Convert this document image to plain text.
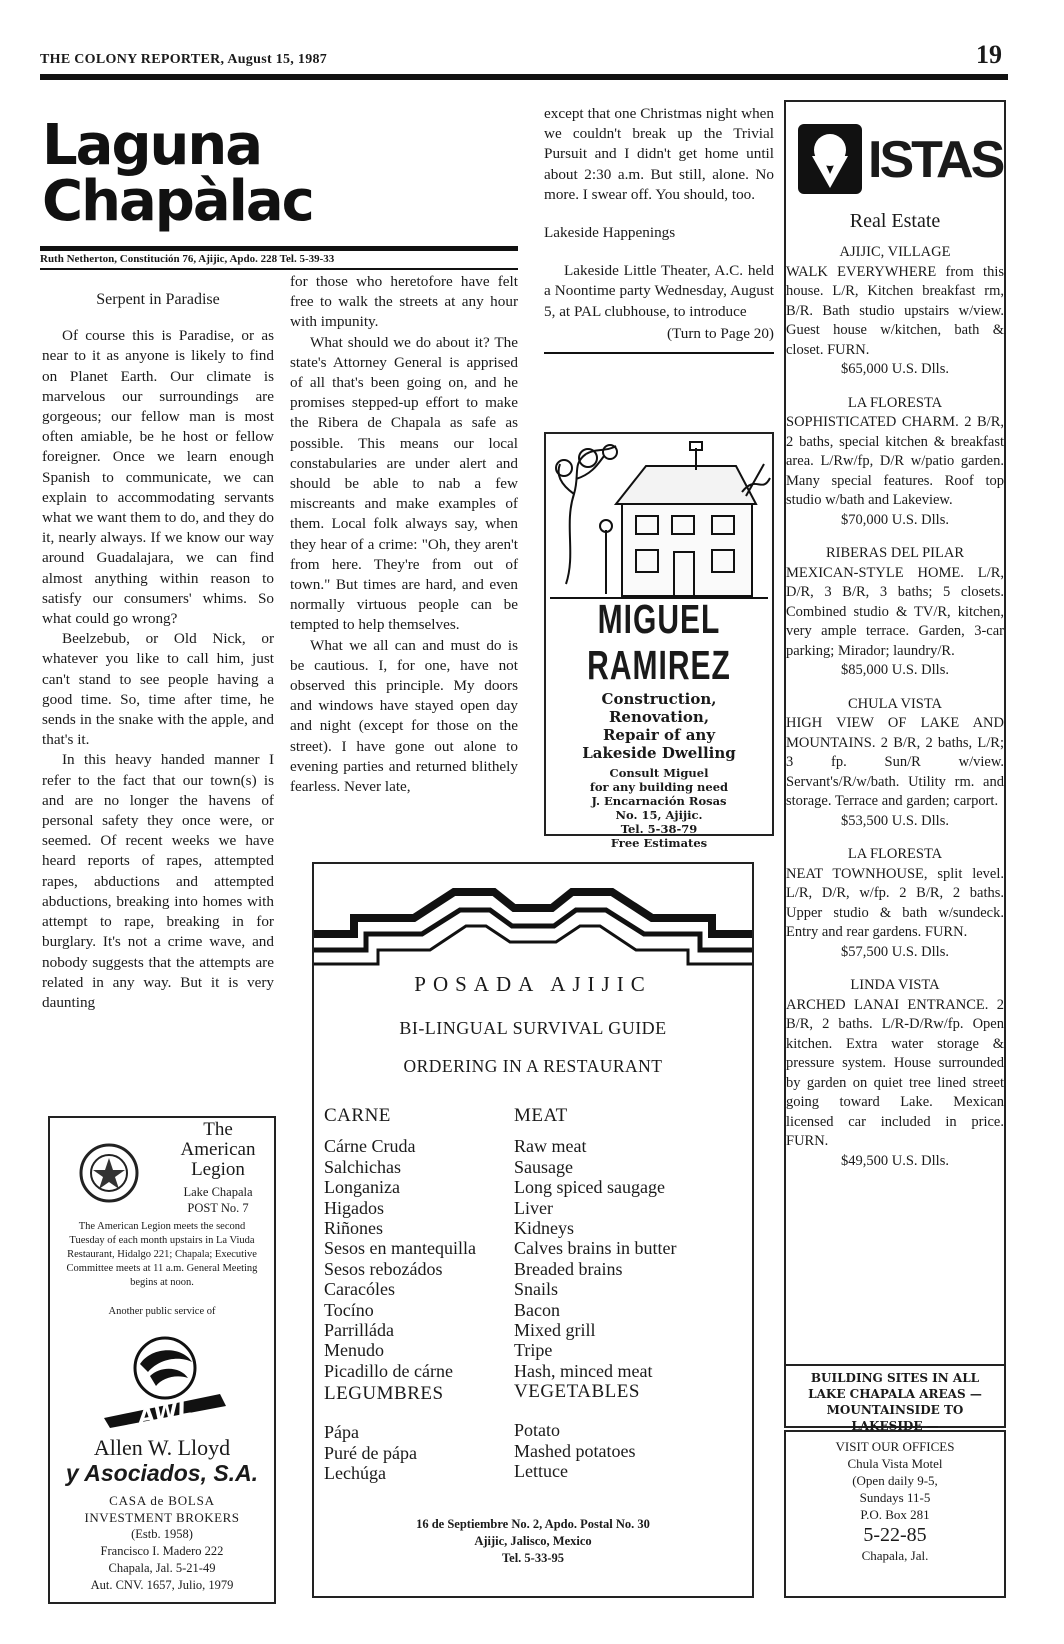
THE COLONY REPORTER, August 15, 1987	19
Laguna
Chapàlac
Ruth Netherton, Constitución 76, Ajijic, Apdo. 228 Tel. 5-39-33
Serpent in Paradise

Of course this is Paradise, or as near to it as anyone is likely to find on Planet Earth. Our climate is marvelous our surroundings are gorgeous; our fellow man is most often amiable, be he host or fellow foreigner. Once we learn enough Spanish to communicate, we can explain to accommodating servants what we want them to do, and they do it, nearly always. If we know our way around Guadalajara, we can find almost anything within reason to satisfy our consumers' whims. So what could go wrong?

Beelzebub, or Old Nick, or whatever you like to call him, just can't stand to see people having a good time. So, time after time, he sends in the snake with the apple, and that's it.

In this heavy handed manner I refer to the fact that our town(s) is and are no longer the havens of personal safety they once were, or seemed. Of recent weeks we have heard reports of rapes, attempted rapes, abductions and attempted abductions, breaking into homes with attempt to rape, breaking in for burglary. It's not a crime wave, and nobody suggests that the attempts are related in any way. But it is very daunting

for those who heretofore have felt free to walk the streets at any hour with impunity.

What should we do about it? The state's Attorney General is apprised of all that's been going on, and he promises stepped-up effort to make the Ribera de Chapala as safe as possible. This means our local constabularies are under alert and should be able to nab a few miscreants and make examples of them. Local folk always say, when they hear of a crime: "Oh, they aren't from here. They're from out of town." But times are hard, and even normally virtuous people can be tempted to help themselves.

What we all can and must do is be cautious. I, for one, have not observed this principle. My doors and windows have stayed open day and night (except for those on the street). I have gone out alone to evening parties and returned blithely fearless. Never late,

except that one Christmas night when we couldn't break up the Trivial Pursuit and I didn't get home until about 2:30 a.m. But still, alone. No more. I swear off. You should, too.

Lakeside Happenings

Lakeside Little Theater, A.C. held a Noontime party Wednesday, August 5, at PAL clubhouse, to introduce

(Turn to Page 20)
MIGUEL RAMIREZ
Construction,
Renovation,
Repair of any
Lakeside Dwelling
Consult Miguel
for any building need
J. Encarnación Rosas
No. 15, Ajijic.
Tel. 5-38-79
Free Estimates
The
American
Legion
Lake Chapala
POST No. 7
The American Legion meets the second Tuesday of each month upstairs in La Viuda Restaurant, Hidalgo 221; Chapala; Executive Committee meets at 11 a.m. General Meeting begins at noon.
Another public service of
AWL
Allen W. Lloyd
y Asociados, S.A.
CASA de BOLSA
INVESTMENT BROKERS
(Estb. 1958)
Francisco I. Madero 222
Chapala, Jal. 5-21-49
Aut. CNV. 1657, Julio, 1979
ISTAS
Real Estate
AJIJIC, VILLAGE
WALK EVERYWHERE from this house. L/R, Kitchen breakfast rm, B/R. Bath studio upstairs w/view. Guest house w/kitchen, bath & closet. FURN.
$65,000 U.S. Dlls.
LA FLORESTA
SOPHISTICATED CHARM. 2 B/R, 2 baths, special kitchen & breakfast area. L/Rw/fp, D/R w/patio garden. Many special features. Roof top studio w/bath and Lakeview.
$70,000 U.S. Dlls.
RIBERAS DEL PILAR
MEXICAN-STYLE HOME. L/R, D/R, 3 B/R, 3 baths; 5 closets. Combined studio & TV/R, kitchen, very ample terrace. Garden, 3-car parking; Mirador; laundry/R.
$85,000 U.S. Dlls.
CHULA VISTA
HIGH VIEW OF LAKE AND MOUNTAINS. 2 B/R, 2 baths, L/R; 3 fp. Sun/R w/view. Servant's/R/w/bath. Utility rm. and storage. Terrace and garden; carport.
$53,500 U.S. Dlls.
LA FLORESTA
NEAT TOWNHOUSE, split level. L/R, D/R, w/fp. 2 B/R, 2 baths. Upper studio & bath w/sundeck. Entry and rear gardens. FURN.
$57,500 U.S. Dlls.
LINDA VISTA
ARCHED LANAI ENTRANCE. 2 B/R, 2 baths. L/R-D/Rw/fp. Open kitchen. Extra water storage & pressure system. House surrounded by garden on quiet tree lined street going toward Lake. Mexican licensed car included in price. FURN.
$49,500 U.S. Dlls.
BUILDING SITES IN ALL LAKE CHAPALA AREAS — MOUNTAINSIDE TO LAKESIDE —
VISIT OUR OFFICES
Chula Vista Motel
(Open daily 9-5,
Sundays 11-5
P.O. Box 281
5-22-85
Chapala, Jal.
POSADA AJIJIC
BI-LINGUAL SURVIVAL GUIDE
ORDERING IN A RESTAURANT
CARNE
Cárne Cruda
Salchichas
Longaniza
Higados
Riñones
Sesos en mantequilla
Sesos rebozádos
Caracóles
Tocíno
Parrilláda
Menudo
Picadillo de cárne
MEAT
Raw meat
Sausage
Long spiced saugage
Liver
Kidneys
Calves brains in butter
Breaded brains
Snails
Bacon
Mixed grill
Tripe
Hash, minced meat
LEGUMBRES
Pápa
Puré de pápa
Lechúga
VEGETABLES
Potato
Mashed potatoes
Lettuce
16 de Septiembre No. 2, Apdo. Postal No. 30
Ajijic, Jalisco, Mexico
Tel. 5-33-95
